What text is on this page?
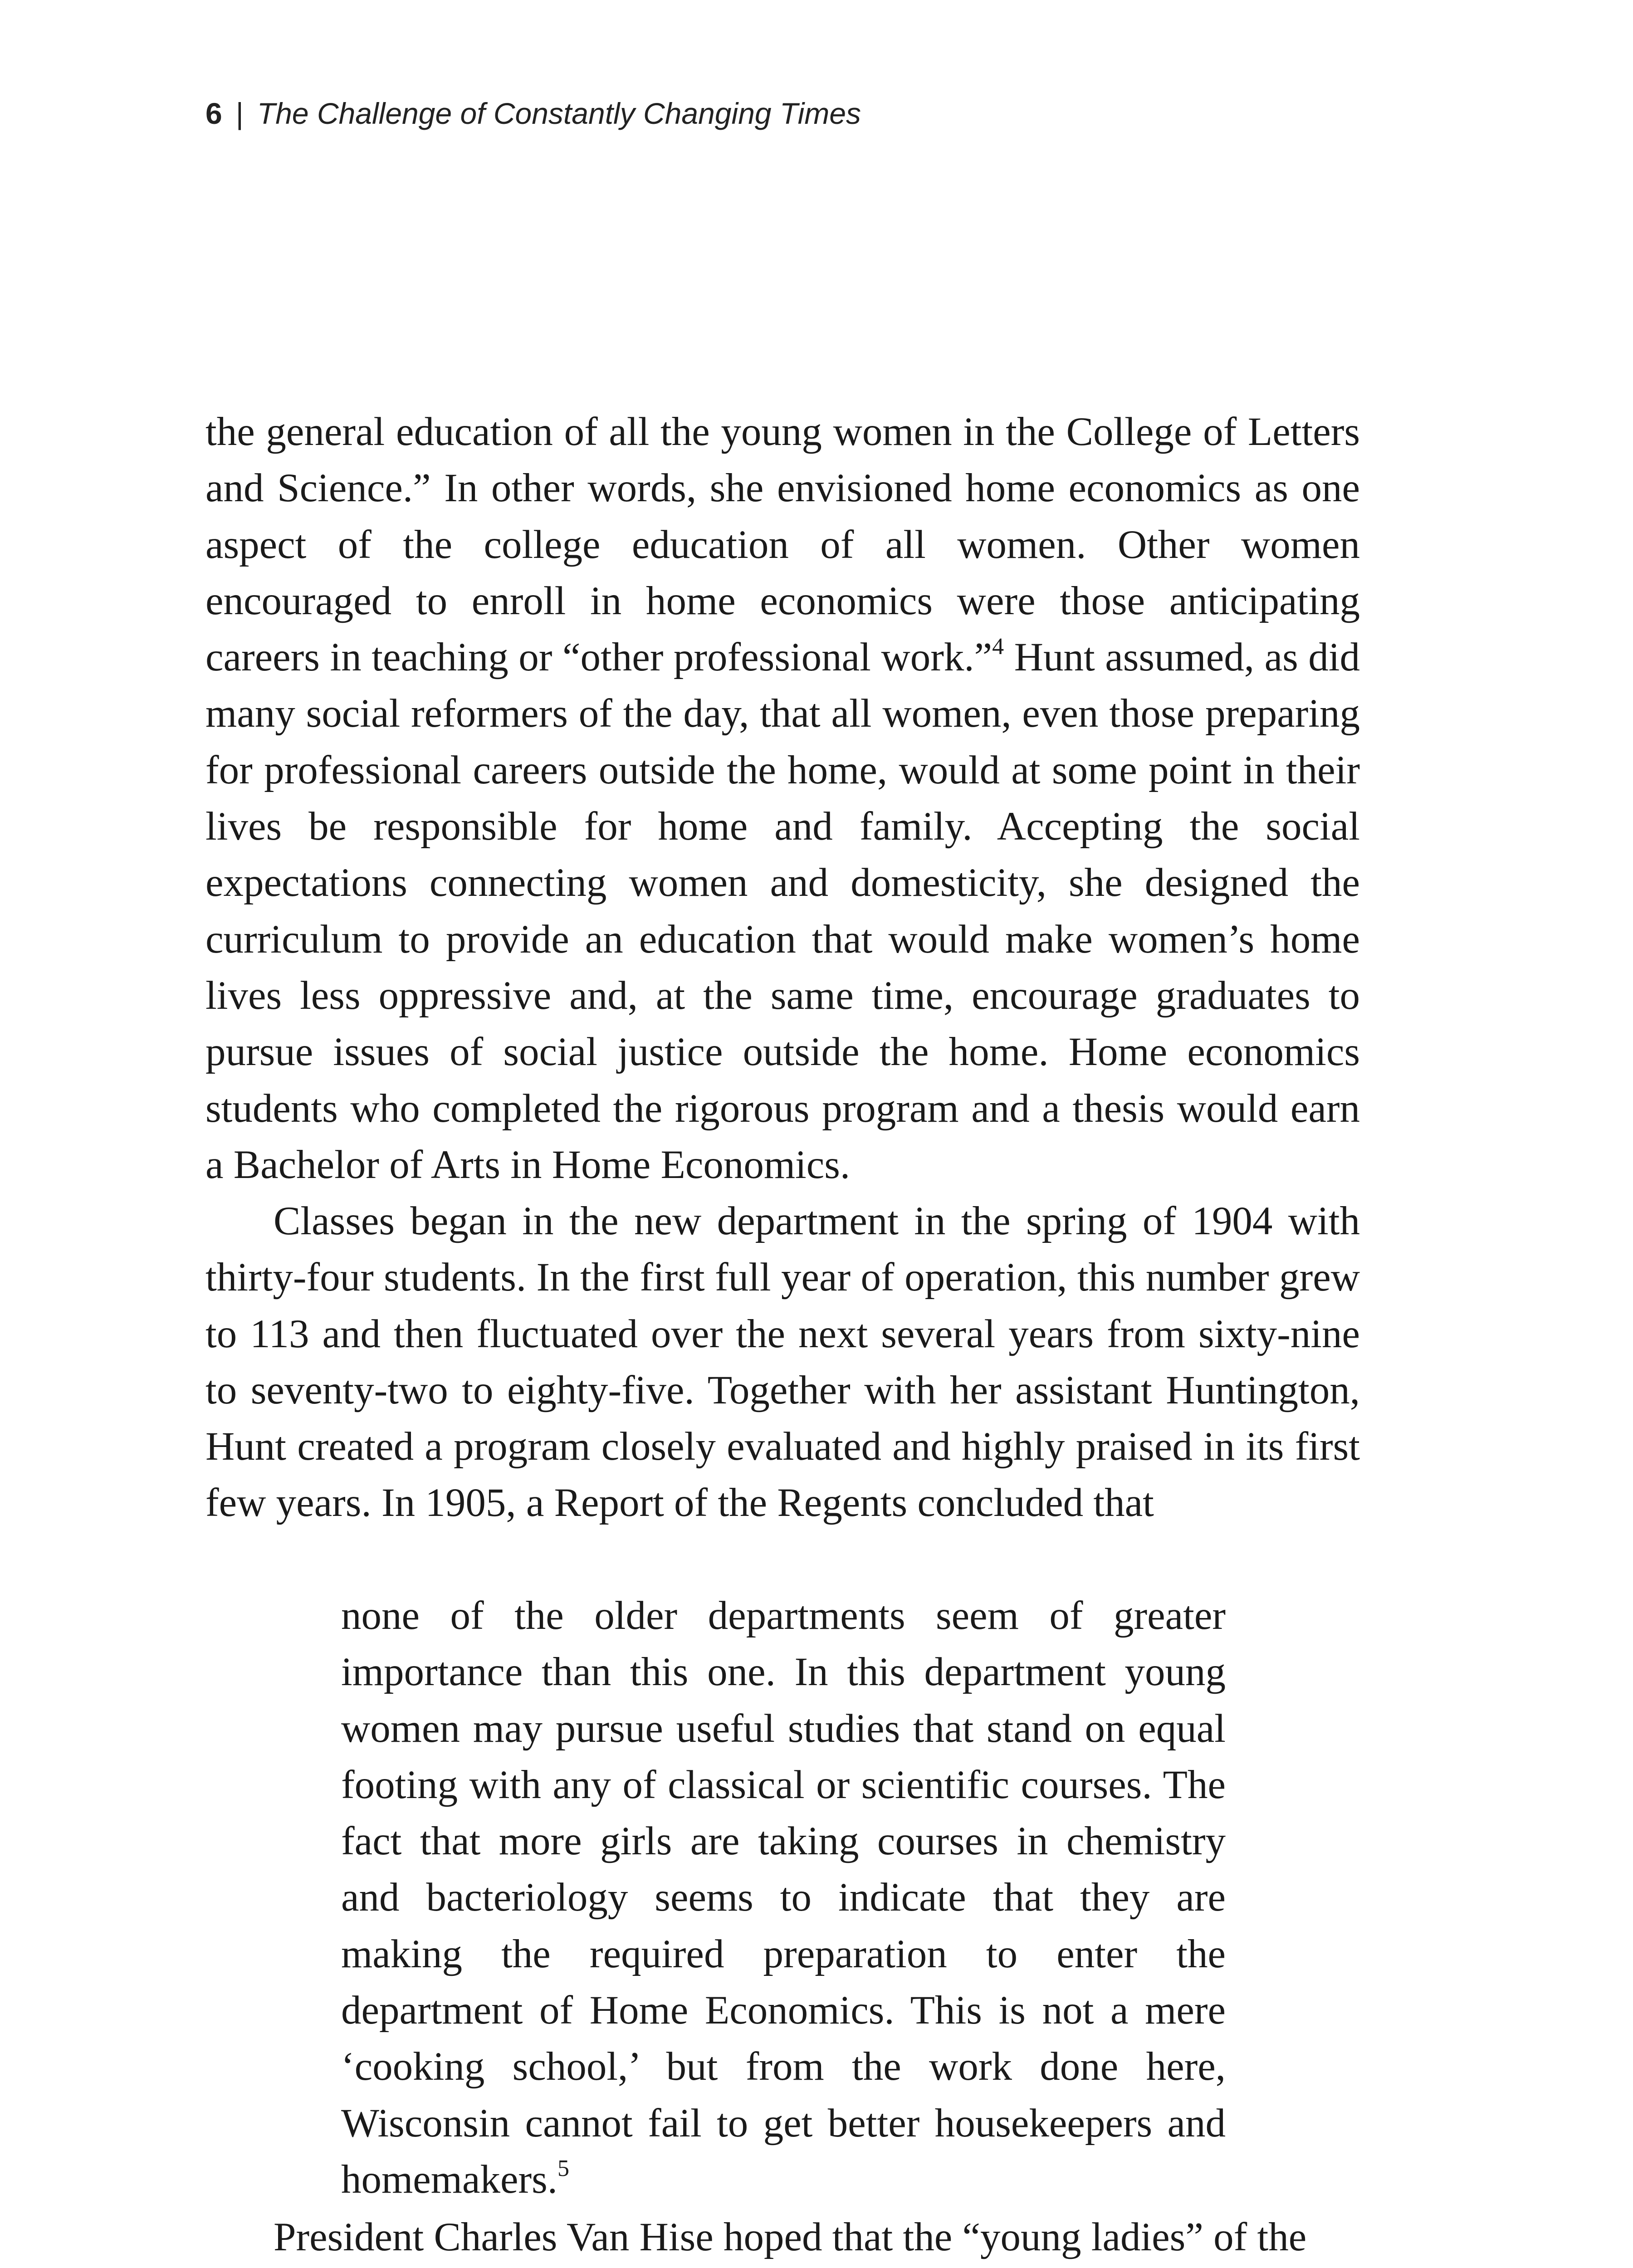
6 | The Challenge of Constantly Changing Times

the general education of all the young women in the College of Letters and Science.” In other words, she envisioned home economics as one aspect of the college education of all women. Other women encouraged to enroll in home economics were those anticipating careers in teaching or “other professional work.”$^4$ Hunt assumed, as did many social reformers of the day, that all women, even those preparing for professional careers outside the home, would at some point in their lives be responsible for home and family. Accepting the social expectations connecting women and domesticity, she designed the curriculum to provide an education that would make women’s home lives less oppressive and, at the same time, encourage graduates to pursue issues of social justice outside the home. Home economics students who completed the rigorous program and a thesis would earn a Bachelor of Arts in Home Economics.

Classes began in the new department in the spring of 1904 with thirty-four students. In the first full year of operation, this number grew to 113 and then fluctuated over the next several years from sixty-nine to seventy-two to eighty-five. Together with her assistant Huntington, Hunt created a program closely evaluated and highly praised in its first few years. In 1905, a Report of the Regents concluded that

none of the older departments seem of greater importance than this one. In this department young women may pursue useful studies that stand on equal footing with any of classical or scientific courses. The fact that more girls are taking courses in chemistry and bacteriology seems to indicate that they are making the required preparation to enter the department of Home Economics. This is not a mere ‘cooking school,’ but from the work done here, Wisconsin cannot fail to get better housekeepers and homemakers.$^5$

President Charles Van Hise hoped that the “young ladies” of the
